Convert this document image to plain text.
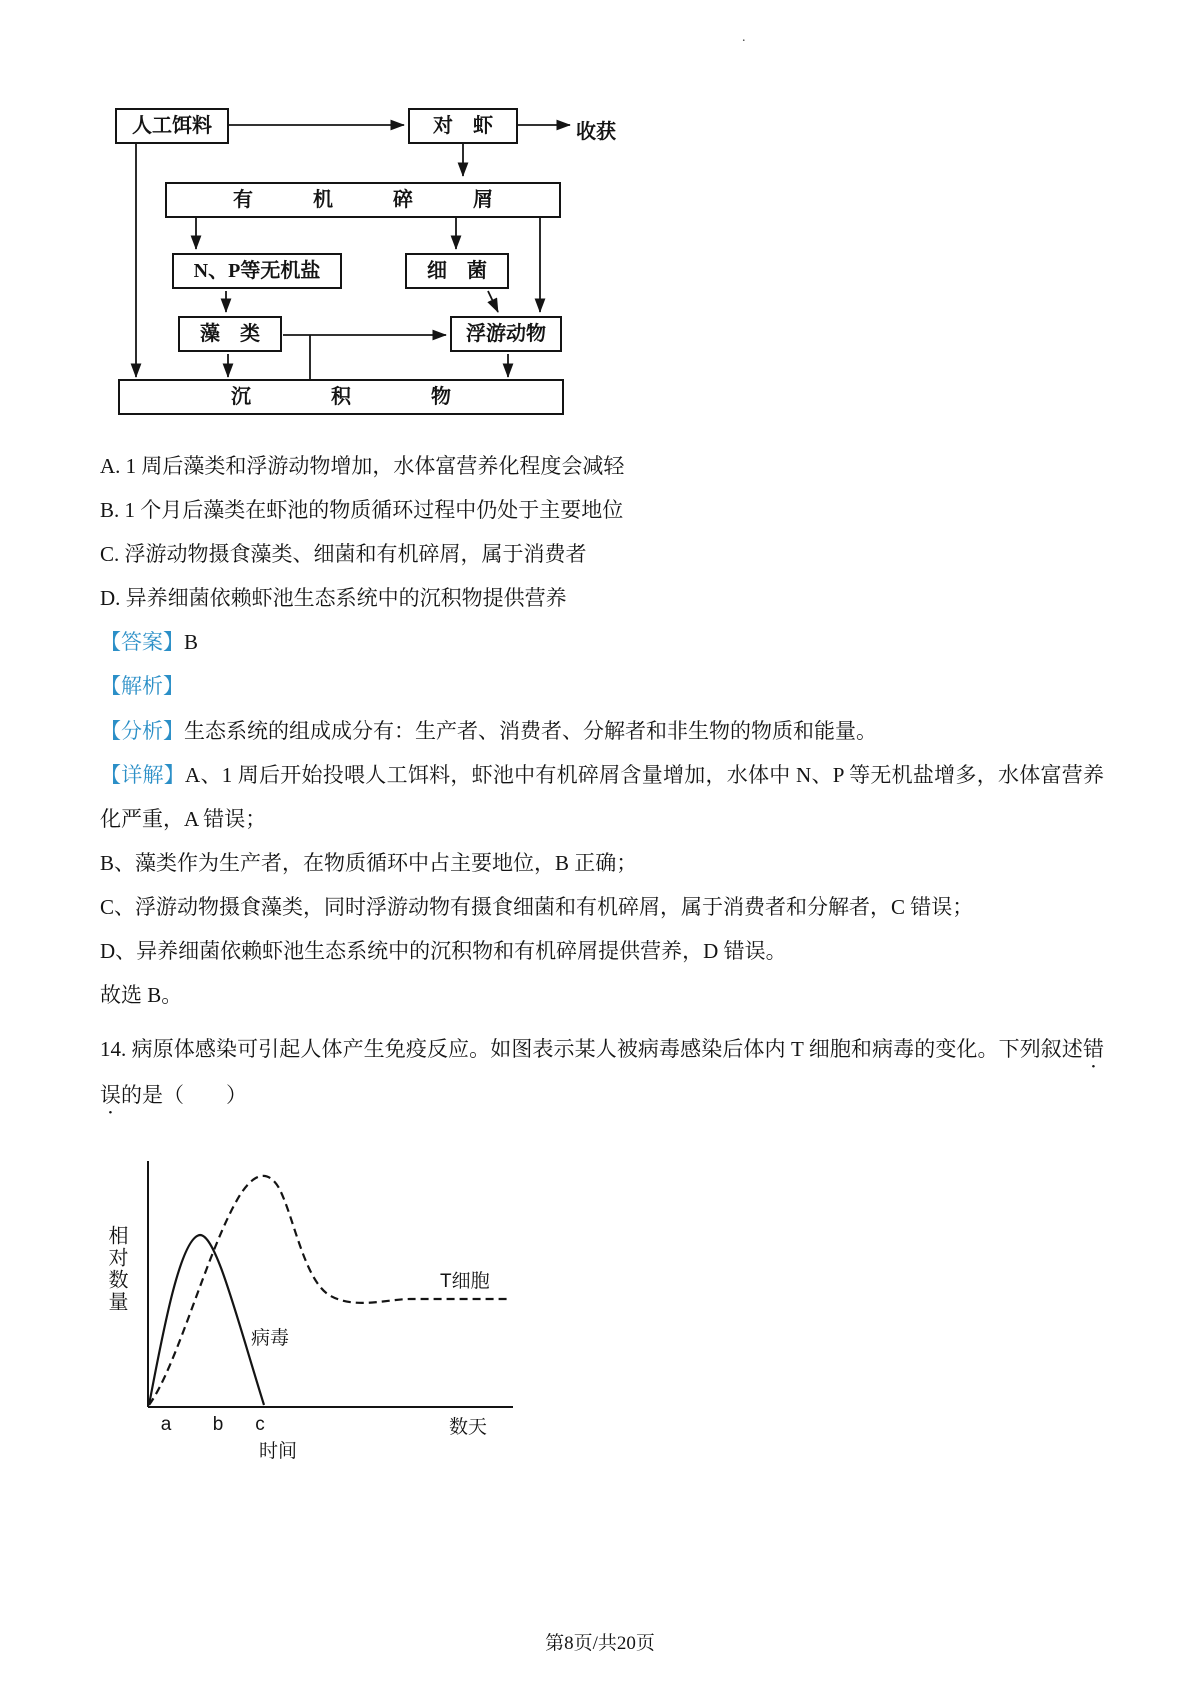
.
人工饵料	对　虾	收获
有　　　机　　　碎　　　屑
N、P等无机盐	细　菌
藻　类	浮游动物
沉　　　　积　　　　物

A. 1 周后藻类和浮游动物增加，水体富营养化程度会减轻

B. 1 个月后藻类在虾池的物质循环过程中仍处于主要地位

C. 浮游动物摄食藻类、细菌和有机碎屑，属于消费者

D. 异养细菌依赖虾池生态系统中的沉积物提供营养

【答案】B

【解析】

【分析】生态系统的组成成分有：生产者、消费者、分解者和非生物的物质和能量。

【详解】A、1 周后开始投喂人工饵料，虾池中有机碎屑含量增加，水体中 N、P 等无机盐增多，水体富营养化严重，A 错误；

B、藻类作为生产者，在物质循环中占主要地位，B 正确；

C、浮游动物摄食藻类，同时浮游动物有摄食细菌和有机碎屑，属于消费者和分解者，C 错误；

D、异养细菌依赖虾池生态系统中的沉积物和有机碎屑提供营养，D 错误。

故选 B。

14. 病原体感染可引起人体产生免疫反应。如图表示某人被病毒感染后体内 T 细胞和病毒的变化。下列叙述错误的是（　　）

相对数量	T细胞
病毒
a b c
时间
数天
第8页/共20页
